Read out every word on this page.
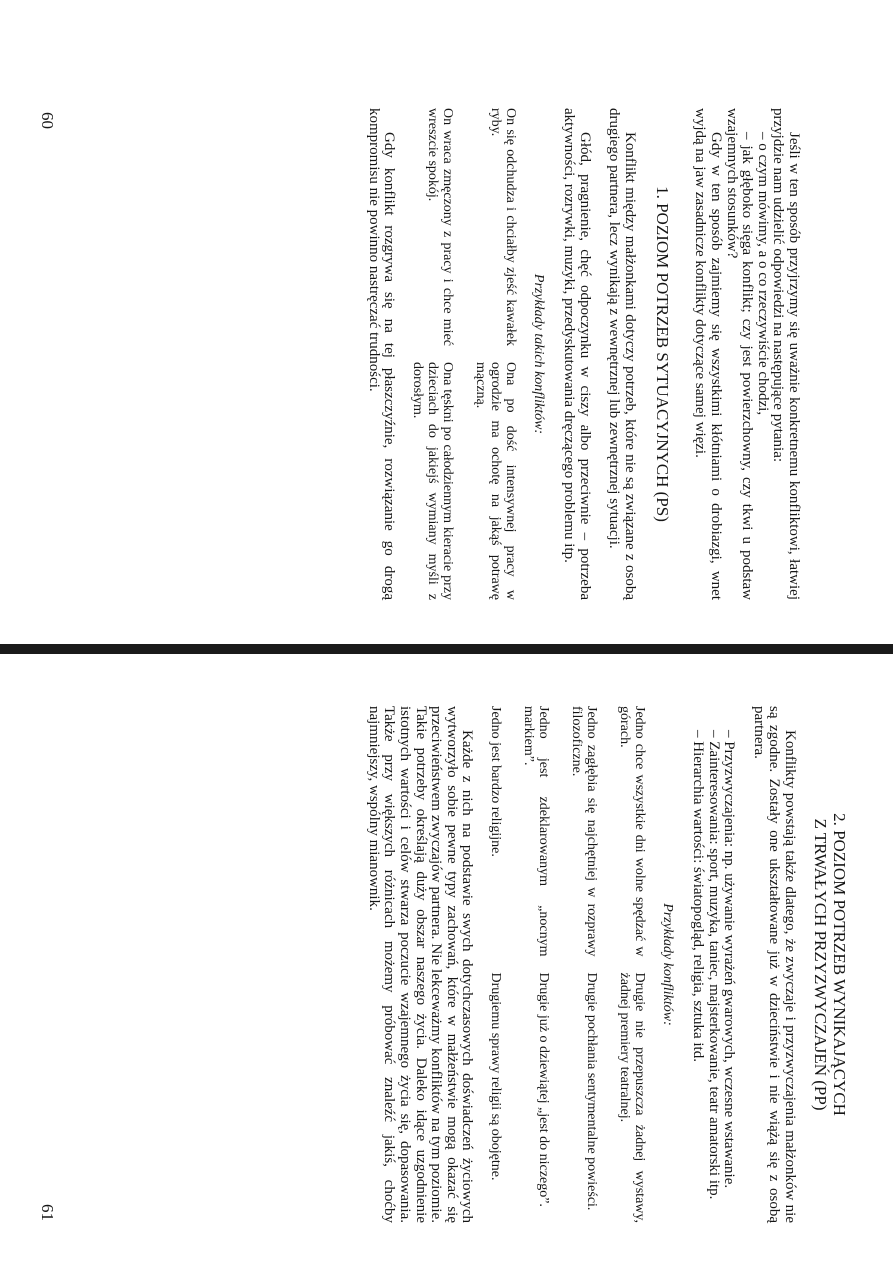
Jeśli w ten sposób przyjrzymy się uważnie konkretnemu konfliktowi, łatwiej przyjdzie nam udzielić odpowiedzi na następujące pytania:

– o czym mówimy, a o co rzeczywiście chodzi,

– jak głęboko sięga konflikt; czy jest powierzchowny, czy tkwi u podstaw wzajemnych stosunków?

Gdy w ten sposób zajmiemy się wszystkimi kłótniami o drobiazgi, wnet wyjdą na jaw zasadnicze konflikty dotyczące samej więzi.

1. POZIOM POTRZEB SYTUACYJNYCH (PS)

Konflikt między małżonkami dotyczy potrzeb, które nie są związane z osobą drugiego partnera, lecz wynikają z wewnętrznej lub zewnętrznej sytuacji.

Głód, pragnienie, chęć odpoczynku w ciszy albo przeciwnie – potrzeba aktywności, rozrywki, muzyki, przedyskutowania dręczącego problemu itp.

Przykłady takich konfliktów:
On się odchudza i chciałby zjeść kawałek ryby.
Ona po dość intensywnej pracy w ogrodzie ma ochotę na jakąś potrawę mączną.
On wraca zmęczony z pracy i chce mieć wreszcie spokój.
Ona tęskni po całodziennym kieracie przy dzieciach do jakiejś wymiany myśli z dorosłym.

Gdy konflikt rozgrywa się na tej płaszczyźnie, rozwiązanie go drogą kompromisu nie powinno nastręczać trudności.

2. POZIOM POTRZEB WYNIKAJĄCYCH
Z TRWAŁYCH PRZYZWYCZAJEŃ (PP)

Konflikty powstają także dlatego, że zwyczaje i przyzwyczajenia małżonków nie są zgodne. Zostały one ukształtowane już w dzieciństwie i nie wiążą się z osobą partnera.

– Przyzwyczajenia: np. używanie wyrażeń gwarowych, wczesne wstawanie.

– Zainteresowania: sport, muzyka, taniec, majsterkowanie, teatr amatorski itp.

– Hierarchia wartości: światopogląd, religia, sztuka itd.

Przykłady konfliktów:
Jedno chce wszystkie dni wolne spędzać w górach.
Drugie nie przepuszcza żadnej wystawy, żadnej premiery teatralnej.
Jedno zagłębia się najchętniej w rozprawy filozoficzne.
Drugie pochłania sentymentalne powieści.
Jedno jest zdeklarowanym „nocnym markiem”.
Drugie już o dziewiątej „jest do niczego”.
Jedno jest bardzo religijne.
Drugiemu sprawy religii są obojętne.

Każde z nich na podstawie swych dotychczasowych doświadczeń życiowych wytworzyło sobie pewne typy zachowań, które w małżeństwie mogą okazać się przeciwieństwem zwyczajów partnera. Nie lekceważmy konfliktów na tym poziomie. Takie potrzeby określają duży obszar naszego życia. Daleko idące uzgodnienie istotnych wartości i celów stwarza poczucie wzajemnego życia się, dopasowania. Także przy większych różnicach możemy próbować znaleźć jakiś, choćby najmniejszy, wspólny mianownik.

60
61
